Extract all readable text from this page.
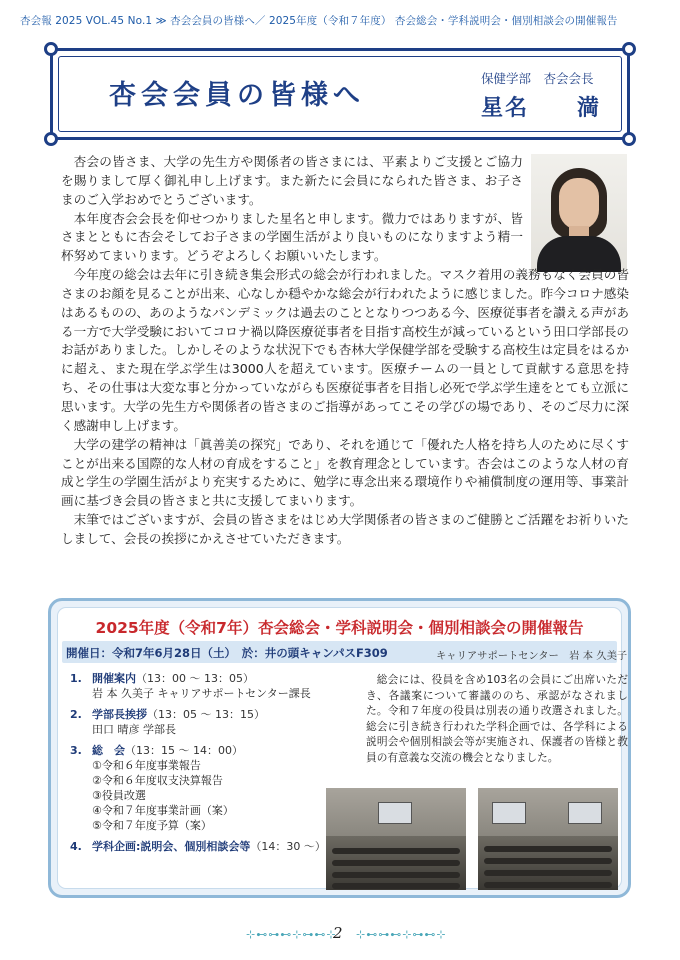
杏会報 2025 VOL.45 No.1 ≫ 杏会会員の皆様へ／ 2025年度（令和７年度） 杏会総会・学科説明会・個別相談会の開催報告
杏会会員の皆様へ
保健学部　杏会会長
星名　　満

杏会の皆さま、大学の先生方や関係者の皆さまには、平素よりご支援とご協力を賜りまして厚く御礼申し上げます。また新たに会員になられた皆さま、お子さまのご入学おめでとうございます。

本年度杏会会長を仰せつかりました星名と申します。微力ではありますが、皆さまとともに杏会そしてお子さまの学園生活がより良いものになりますよう精一杯努めてまいります。どうぞよろしくお願いいたします。

今年度の総会は去年に引き続き集会形式の総会が行われました。マスク着用の義務もなく会員の皆さまのお顔を見ることが出来、心なしか穏やかな総会が行われたように感じました。昨今コロナ感染はあるものの、あのようなパンデミックは過去のこととなりつつある今、医療従事者を讃える声がある一方で大学受験においてコロナ禍以降医療従事者を目指す高校生が減っているという田口学部長のお話がありました。しかしそのような状況下でも杏林大学保健学部を受験する高校生は定員をはるかに超え、また現在学ぶ学生は3000人を超えています。医療チームの一員として貢献する意思を持ち、その仕事は大変な事と分かっていながらも医療従事者を目指し必死で学ぶ学生達をとても立派に思います。大学の先生方や関係者の皆さまのご指導があってこその学びの場であり、そのご尽力に深く感謝申し上げます。

大学の建学の精神は「眞善美の探究」であり、それを通じて「優れた人格を持ち人のために尽くすことが出来る国際的な人材の育成をすること」を教育理念としています。杏会はこのような人材の育成と学生の学園生活がより充実するために、勉学に専念出来る環境作りや補償制度の運用等、事業計画に基づき会員の皆さまと共に支援してまいります。

末筆ではございますが、会員の皆さまをはじめ大学関係者の皆さまのご健勝とご活躍をお祈りいたしまして、会長の挨拶にかえさせていただきます。

2025年度（令和7年）杏会総会・学科説明会・個別相談会の開催報告
開催日：令和7年6月28日（土）　於：井の頭キャンパスF309	キャリアサポートセンター　岩 本 久美子
1. 開催案内（13：00 ～ 13：05）
岩 本 久美子 キャリアサポートセンター課長
2. 学部長挨拶（13：05 ～ 13：15）
田口 晴彦 学部長
3. 総　会（13：15 ～ 14：00）
①令和６年度事業報告
②令和６年度収支決算報告
③役員改選
④令和７年度事業計画（案）
⑤令和７年度予算（案）
4. 学科企画:説明会、個別相談会等（14：30 ～）
総会には、役員を含め103名の会員にご出席いただき、各議案について審議ののち、承認がなされました。令和７年度の役員は別表の通り改選されました。総会に引き続き行われた学科企画では、各学科による説明会や個別相談会等が実施され、保護者の皆様と教員の有意義な交流の機会となりました。
⊹⊷⊶⊷⊹⊶⊷⊹
2 ⊹⊷⊶⊷⊹⊶⊷⊹
